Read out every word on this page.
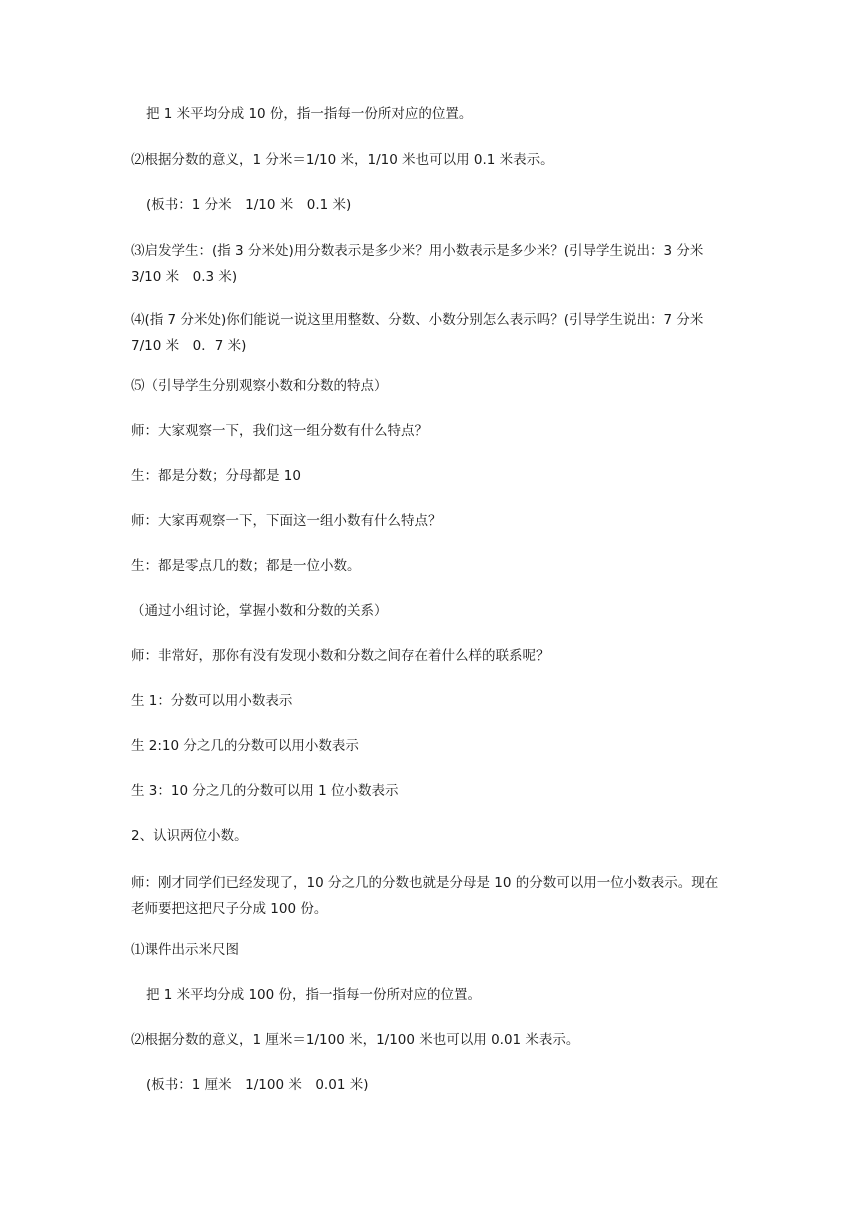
把 1 米平均分成 10 份，指一指每一份所对应的位置。

⑵根据分数的意义，1 分米＝1/10 米，1/10 米也可以用 0.1 米表示。

(板书：1 分米　1/10 米　0.1 米)

⑶启发学生：(指 3 分米处)用分数表示是多少米？用小数表示是多少米？(引导学生说出：3 分米　3/10 米　0.3 米)

⑷(指 7 分米处)你们能说一说这里用整数、分数、小数分别怎么表示吗？(引导学生说出：7 分米　7/10 米　0．7 米)

⑸（引导学生分别观察小数和分数的特点）

师：大家观察一下，我们这一组分数有什么特点？

生：都是分数；分母都是 10

师：大家再观察一下，下面这一组小数有什么特点？

生：都是零点几的数；都是一位小数。

（通过小组讨论，掌握小数和分数的关系）

师：非常好，那你有没有发现小数和分数之间存在着什么样的联系呢？

生 1：分数可以用小数表示

生 2:10 分之几的分数可以用小数表示

生 3：10 分之几的分数可以用 1 位小数表示

2、认识两位小数。

师：刚才同学们已经发现了，10 分之几的分数也就是分母是 10 的分数可以用一位小数表示。现在老师要把这把尺子分成 100 份。

⑴课件出示米尺图

把 1 米平均分成 100 份，指一指每一份所对应的位置。

⑵根据分数的意义，1 厘米＝1/100 米，1/100 米也可以用 0.01 米表示。

(板书：1 厘米　1/100 米　0.01 米)
